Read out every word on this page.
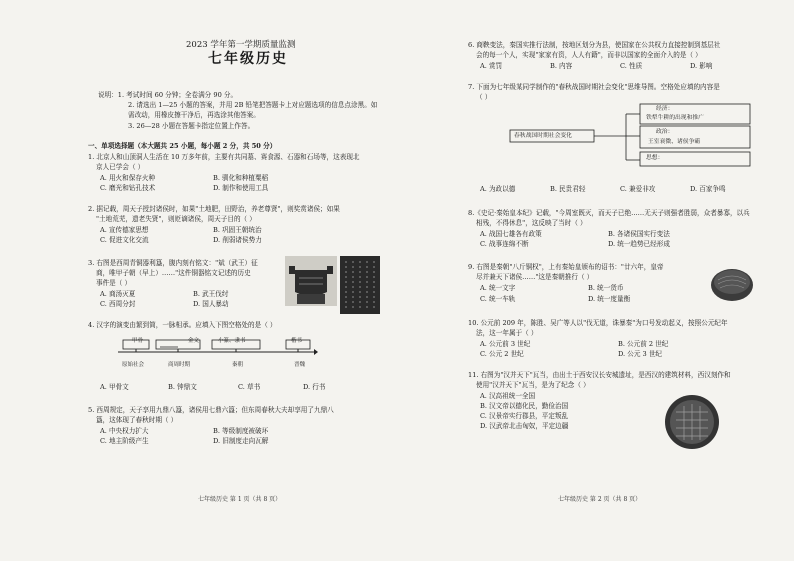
2023 学年第一学期质量监测
七年级历史
说明：1. 考试时间 60 分钟；全卷满分 90 分。
2. 请选出 1—25 小题的答案，并用 2B 铅笔把答题卡上对应题选项的信息点涂黑。如
需改动，用橡皮擦干净后，再选涂其他答案。
3. 26—28 小题在答题卡指定位置上作答。
一、单项选择题（本大题共 25 小题，每小题 2 分，共 50 分）
1. 北京人和山顶洞人生活在 10 万多年前，主要有共同墓、赛食源、石器和石场等，这表现北
京人已学会（ ）
A. 用火和保存火种	B. 驯化和种植粟稻
C. 磨光和钻孔技术	D. 制作和使用工具
2. 据记载，周天子授封诸侯时，如果"土地肥，田野治，养老尊贤"，则奖赏诸侯；如果
"土地荒芜，遗老失贤"，则贬谪诸侯，周天子目的（ ）
A. 宣传德家思想	B. 巩固王朝统治
C. 促进文化交流	D. 削弱诸侯势力
3. 右图是西周青铜器利簋，腹内刻有铭文："斌（武王）征
商，唯甲子朝（早上）……"这件铜器铭文记述的历史
事件是（ ）
A. 商汤灭夏	B. 武王伐纣
C. 西周分封	D. 国人暴动
4. 汉字的演变由繁到简，一脉相承。应填入下图空格处的是（ ）
甲骨	金文	小篆、隶书	楷书
原始社会	商周时期	秦朝	晋魏
A. 甲骨文	B. 钟鼎文	C. 草书	D. 行书
5. 西周规定，天子享用九鼎八簋，诸侯用七鼎六簋；但东周春秋大夫却享用了九鼎八
簋，这体现了春秋时期（ ）
A. 中央权力扩大	B. 等级制度被破坏
C. 地主阶级产生	D. 旧制度走向瓦解
七年级历史 第 1 页（共 8 页）
6. 商鞅变法，秦国实推行法制，按地区划分为县，使国家在公共权力直接控制到基层社
会的每一个人，实现"家家有资，人人有籍"，而非以国家的全面介入的是（ ）
A. 赏罚	B. 内容	C. 性质	D. 影响
7. 下面为七年级某同学制作的"春秋战国时期社会变化"思维导图。空格处应填的内容是
（ ）
春秋战国时期社会变化
经济：
铁犁牛耕的出现和推广
政治：
王室衰微、诸侯争霸
思想：
A. 为政以德	B. 民贵君轻	C. 兼爱非攻	D. 百家争鸣
8.《史记·秦始皇本纪》记载，"今周室既灭，而天子已绝……无天子则强者胜弱，众者暴寡，以兵
相残，不得休息"，这反映了当时（ ）
A. 战国七雄各有政策	B. 各诸侯国实行变法
C. 战事连绵不断	D. 统一趋势已经形成
9. 右图是秦朝"八斤铜权"，上有秦始皇颁布的诏书："廿六年，皇帝
尽并兼天下诸侯……"这是秦朝推行（ ）
A. 统一文字	B. 统一货币
C. 统一车轨	D. 统一度量衡
10. 公元前 209 年，陈胜、吴广等人以"伐无道，诛暴秦"为口号发动起义，按照公元纪年
法，这一年属于（ ）
A. 公元前 3 世纪	B. 公元前 2 世纪
C. 公元 2 世纪	D. 公元 3 世纪
11. 右图为"汉并天下"瓦当，由出土于西安汉长安城遗址，是西汉的建筑材料，西汉刻作和
使用"汉并天下"瓦当，是为了纪念（ ）
A. 汉高祖统一全国
B. 汉文帝以德化民，勤俭治国
C. 汉景帝实行郡县，平定叛乱
D. 汉武帝北击匈奴，平定边疆
七年级历史 第 2 页（共 8 页）
